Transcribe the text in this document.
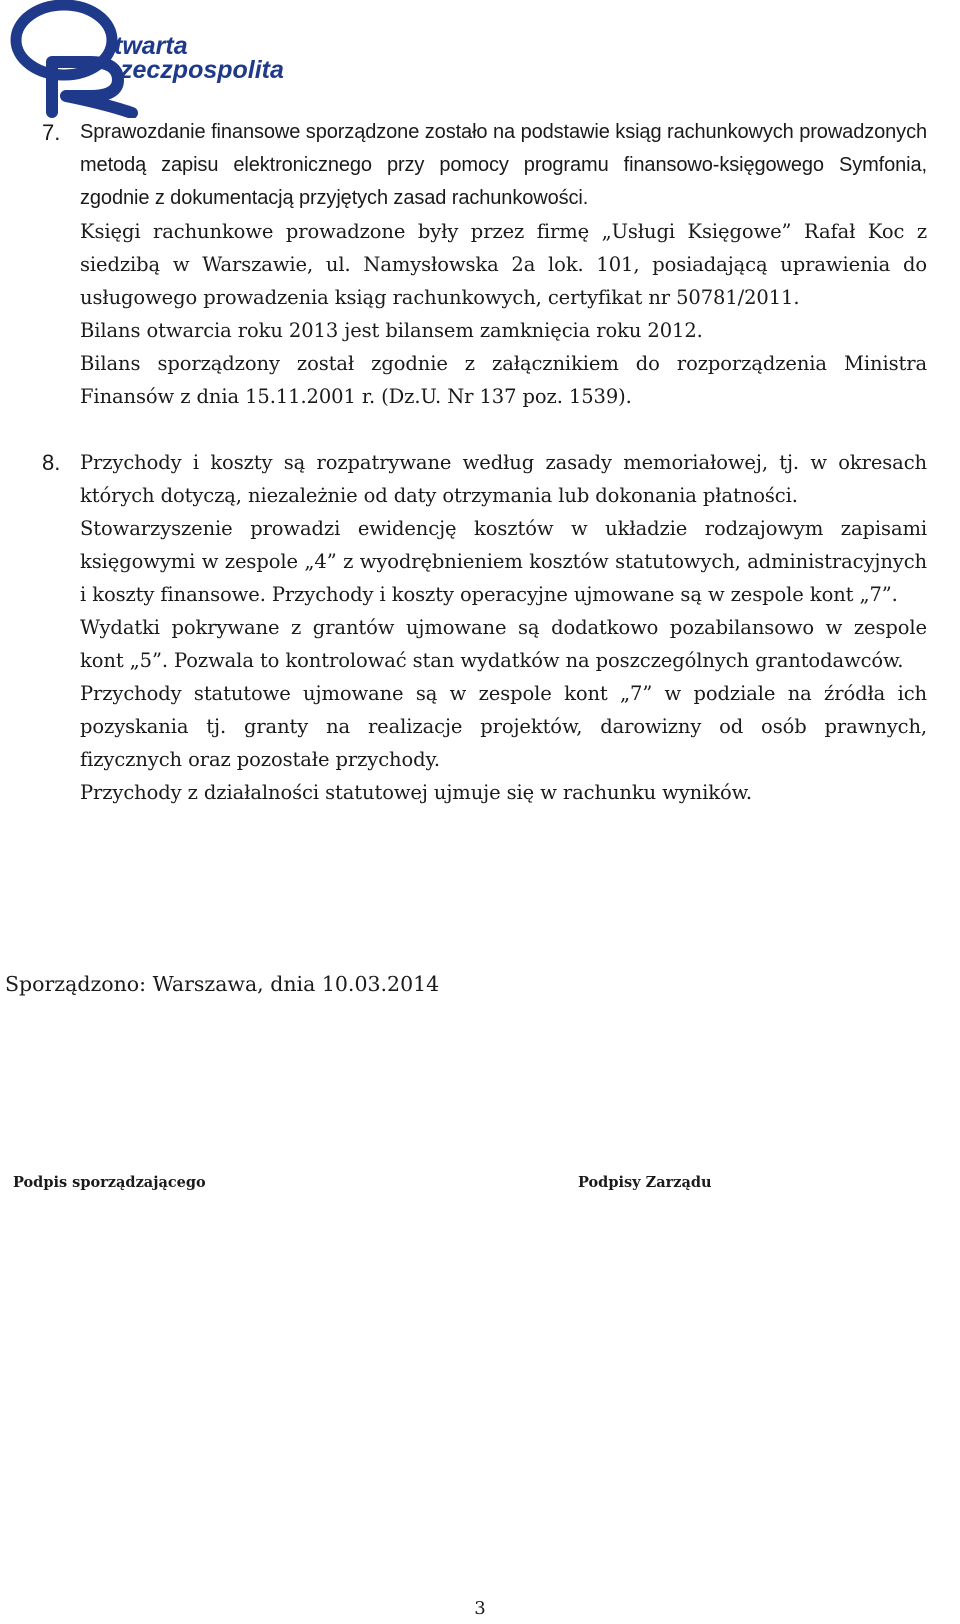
twarta
zeczpospolita
7. Sprawozdanie finansowe sporządzone zostało na podstawie ksiąg rachunkowych prowadzonych metodą zapisu elektronicznego przy pomocy programu finansowo-księgowego Symfonia, zgodnie z dokumentacją przyjętych zasad rachunkowości.

Księgi rachunkowe prowadzone były przez firmę „Usługi Księgowe” Rafał Koc z siedzibą w Warszawie, ul. Namysłowska 2a lok. 101, posiadającą uprawienia do usługowego prowadzenia ksiąg rachunkowych, certyfikat nr 50781/2011.

Bilans otwarcia roku 2013 jest bilansem zamknięcia roku 2012.

Bilans sporządzony został zgodnie z załącznikiem do rozporządzenia Ministra Finansów z dnia 15.11.2001 r. (Dz.U. Nr 137 poz. 1539).

8. Przychody i koszty są rozpatrywane według zasady memoriałowej, tj. w okresach których dotyczą, niezależnie od daty otrzymania lub dokonania płatności.

Stowarzyszenie prowadzi ewidencję kosztów w układzie rodzajowym zapisami księgowymi w zespole „4” z wyodrębnieniem kosztów statutowych, administracyjnych i koszty finansowe. Przychody i koszty operacyjne ujmowane są w zespole kont „7”.

Wydatki pokrywane z grantów ujmowane są dodatkowo pozabilansowo w zespole kont „5”. Pozwala to kontrolować stan wydatków na poszczególnych grantodawców.

Przychody statutowe ujmowane są w zespole kont „7” w podziale na źródła ich pozyskania tj. granty na realizacje projektów, darowizny od osób prawnych, fizycznych oraz pozostałe przychody.

Przychody z działalności statutowej ujmuje się w rachunku wyników.

Sporządzono: Warszawa, dnia 10.03.2014
Podpis sporządzającego	Podpisy Zarządu
3
